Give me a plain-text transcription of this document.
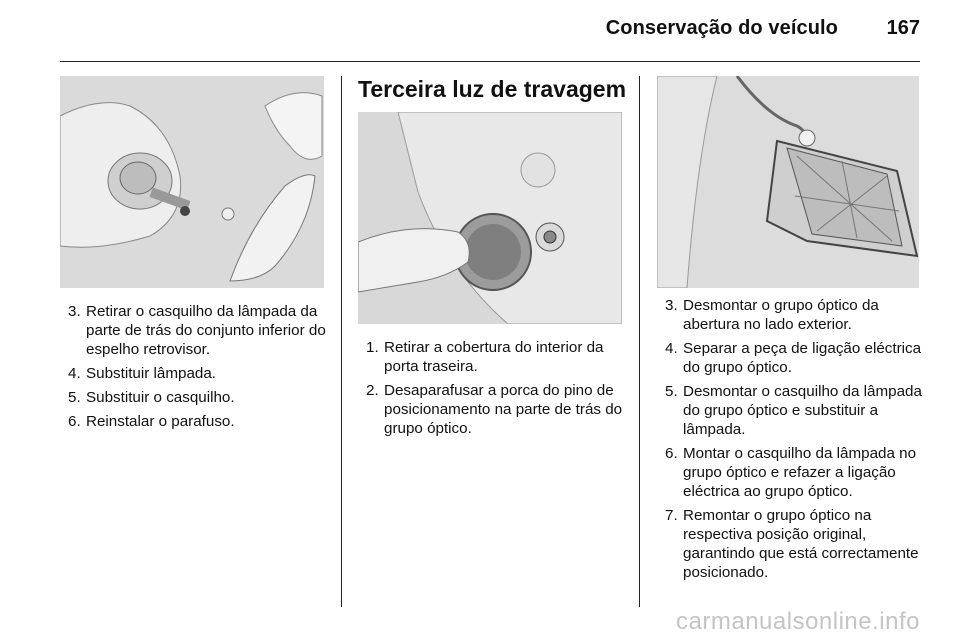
Conservação do veículo 167
3. Retirar o casquilho da lâmpada da parte de trás do conjunto inferior do espelho retrovisor.
4. Substituir lâmpada.
5. Substituir o casquilho.
6. Reinstalar o parafuso.
Terceira luz de travagem
1. Retirar a cobertura do interior da porta traseira.
2. Desaparafusar a porca do pino de posicionamento na parte de trás do grupo óptico.
3. Desmontar o grupo óptico da abertura no lado exterior.
4. Separar a peça de ligação eléctrica do grupo óptico.
5. Desmontar o casquilho da lâmpada do grupo óptico e substituir a lâmpada.
6. Montar o casquilho da lâmpada no grupo óptico e refazer a ligação eléctrica ao grupo óptico.
7. Remontar o grupo óptico na respectiva posição original, garantindo que está correctamente posicionado.
carmanualsonline.info
